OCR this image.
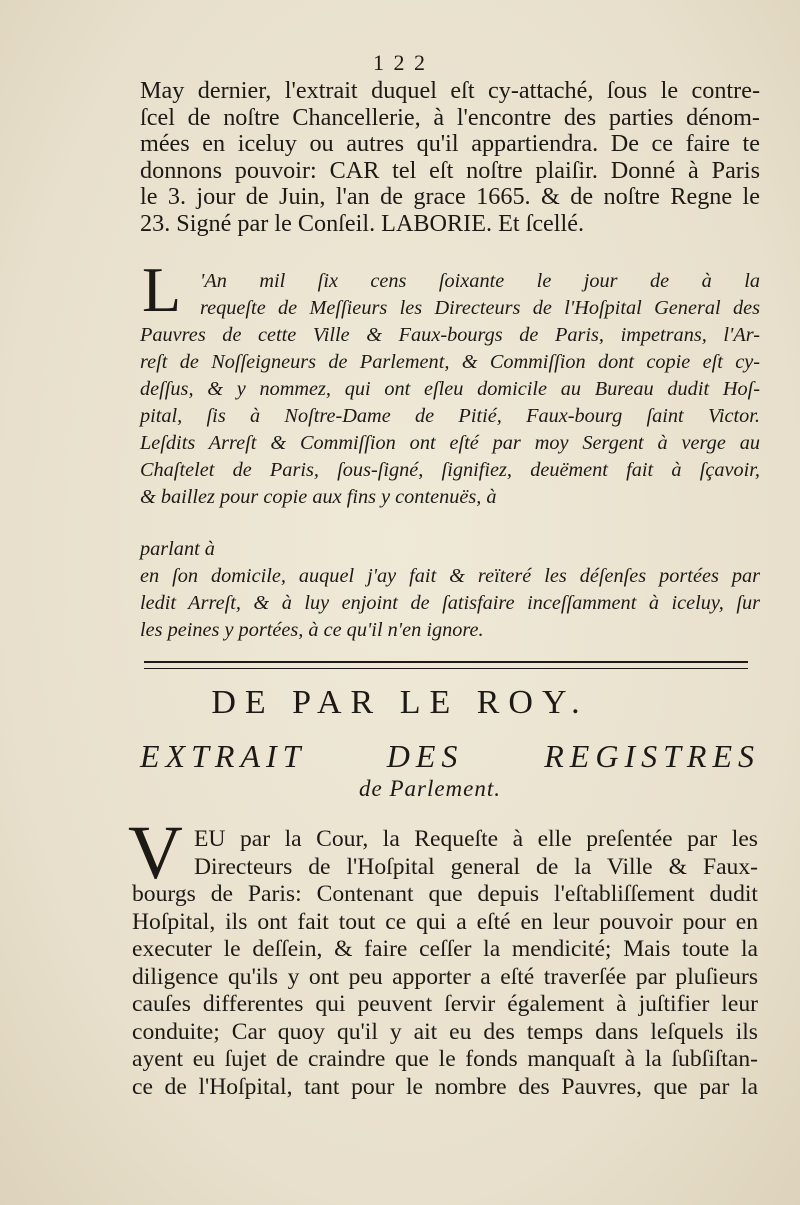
1 2 2
May dernier, l'extrait duquel eſt cy-attaché, ſous le contre-
ſcel de noſtre Chancellerie, à l'encontre des parties dénom-
mées en iceluy ou autres qu'il appartiendra. De ce faire te
donnons pouvoir: CAR tel eſt noſtre plaiſir. Donné à Paris
le 3. jour de Juin, l'an de grace 1665. & de noſtre Regne le
23. Signé par le Conſeil. LABORIE. Et ſcellé.
L 'An mil ſix cens ſoixante le jour de à la
requeſte de Meſſieurs les Directeurs de l'Hoſpital General des
Pauvres de cette Ville & Faux-bourgs de Paris, impetrans, l'Ar-
reſt de Noſſeigneurs de Parlement, & Commiſſion dont copie eſt cy-
deſſus, & y nommez, qui ont eſleu domicile au Bureau dudit Hoſ-
pital, ſis à Noſtre-Dame de Pitié, Faux-bourg ſaint Victor.
Leſdits Arreſt & Commiſſion ont eſté par moy Sergent à verge au
Chaſtelet de Paris, ſous-ſigné, ſignifiez, deuëment fait à ſçavoir,
& baillez pour copie aux fins y contenuës, à
parlant à
en ſon domicile, auquel j'ay fait & reïteré les déſenſes portées par
ledit Arreſt, & à luy enjoint de ſatisfaire inceſſamment à iceluy, ſur
les peines y portées, à ce qu'il n'en ignore.
DE PAR LE ROY.
EXTRAIT DES REGISTRES
de Parlement.
V EU par la Cour, la Requeſte à elle preſentée par les
Directeurs de l'Hoſpital general de la Ville & Faux-
bourgs de Paris: Contenant que depuis l'eſtabliſſement dudit
Hoſpital, ils ont fait tout ce qui a eſté en leur pouvoir pour en
executer le deſſein, & faire ceſſer la mendicité; Mais toute la
diligence qu'ils y ont peu apporter a eſté traverſée par pluſieurs
cauſes differentes qui peuvent ſervir également à juſtifier leur
conduite; Car quoy qu'il y ait eu des temps dans leſquels ils
ayent eu ſujet de craindre que le fonds manquaſt à la ſubſiſtan-
ce de l'Hoſpital, tant pour le nombre des Pauvres, que par la
